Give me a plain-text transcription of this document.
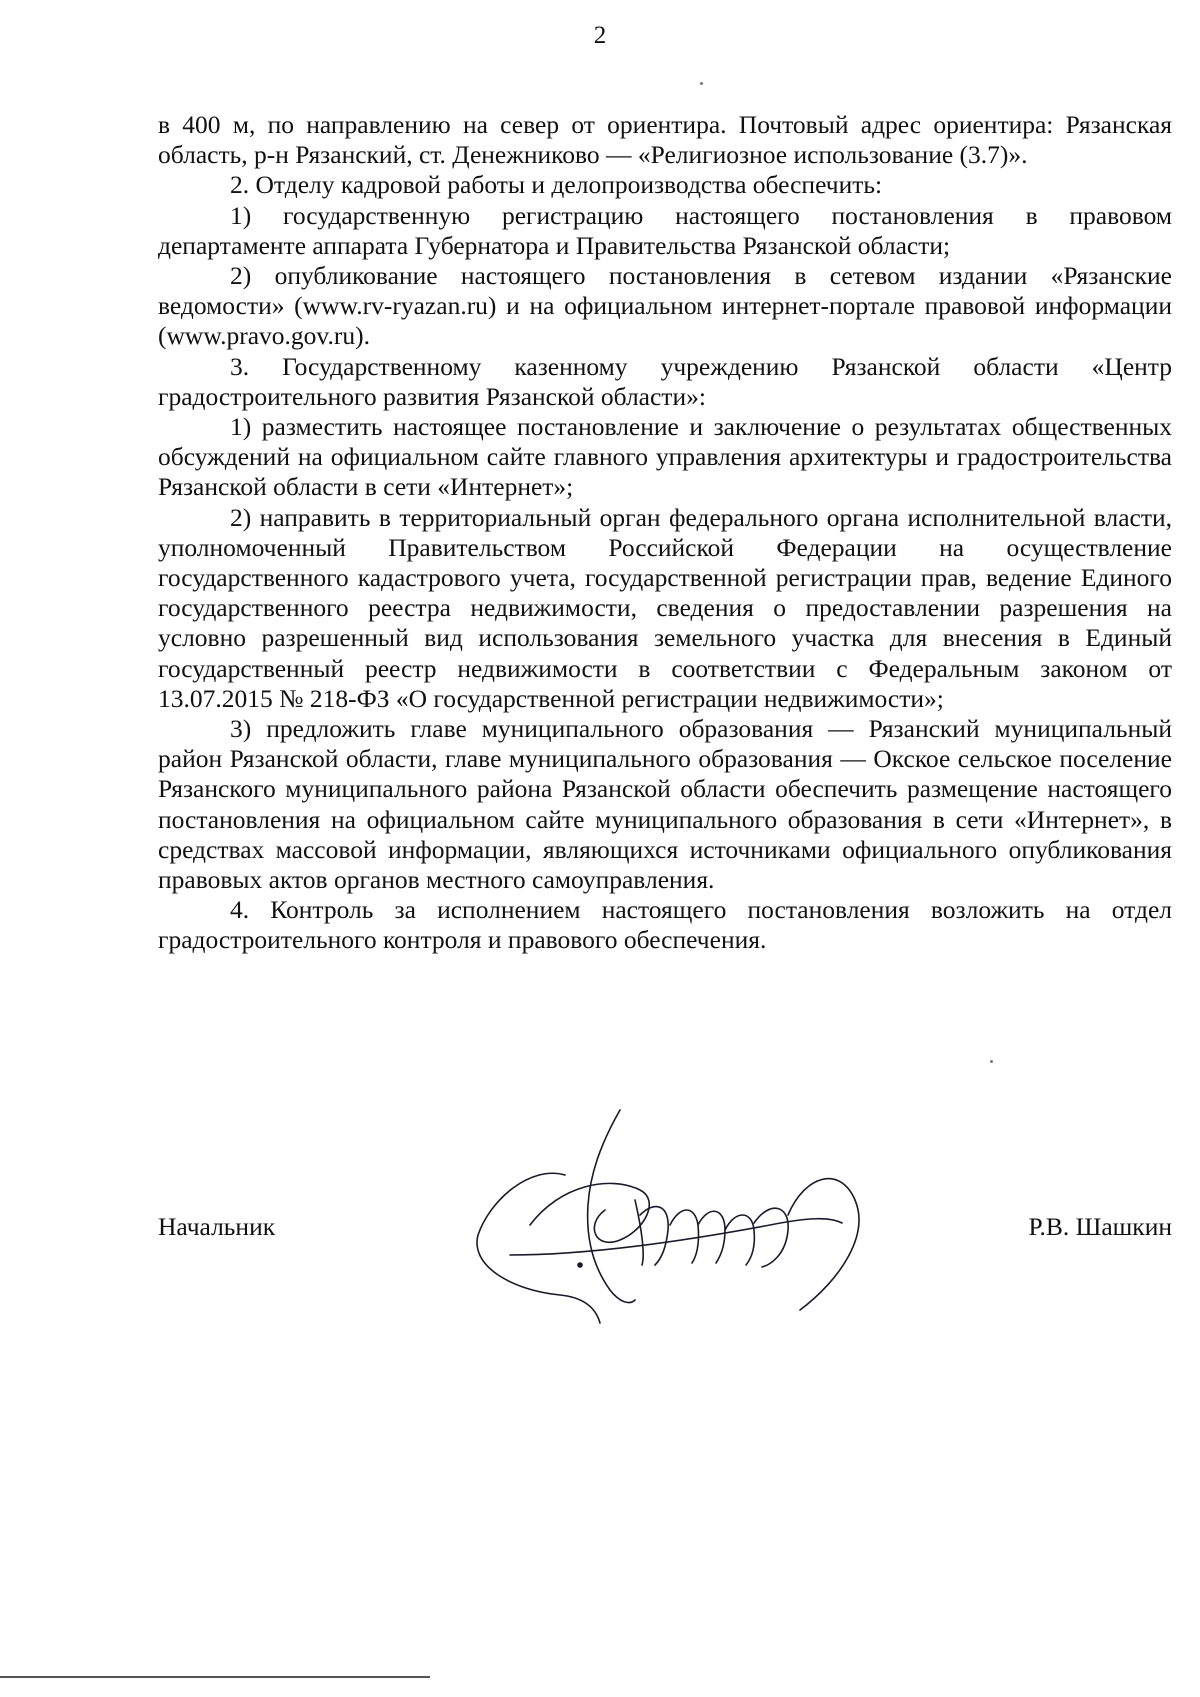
2

в 400 м, по направлению на север от ориентира. Почтовый адрес ориентира: Рязанская область, р-н Рязанский, ст. Денежниково — «Религиозное использование (3.7)».

2. Отделу кадровой работы и делопроизводства обеспечить:

1) государственную регистрацию настоящего постановления в правовом департаменте аппарата Губернатора и Правительства Рязанской области;

2) опубликование настоящего постановления в сетевом издании «Рязанские ведомости» (www.rv-ryazan.ru) и на официальном интернет-портале правовой информации (www.pravo.gov.ru).

3. Государственному казенному учреждению Рязанской области «Центр градостроительного развития Рязанской области»:

1) разместить настоящее постановление и заключение о результатах общественных обсуждений на официальном сайте главного управления архитектуры и градостроительства Рязанской области в сети «Интернет»;

2) направить в территориальный орган федерального органа исполнительной власти, уполномоченный Правительством Российской Федерации на осуществление государственного кадастрового учета, государственной регистрации прав, ведение Единого государственного реестра недвижимости, сведения о предоставлении разрешения на условно разрешенный вид использования земельного участка для внесения в Единый государственный реестр недвижимости в соответствии с Федеральным законом от 13.07.2015 № 218-ФЗ «О государственной регистрации недвижимости»;

3) предложить главе муниципального образования — Рязанский муниципальный район Рязанской области, главе муниципального образования — Окское сельское поселение Рязанского муниципального района Рязанской области обеспечить размещение настоящего постановления на официальном сайте муниципального образования в сети «Интернет», в средствах массовой информации, являющихся источниками официального опубликования правовых актов органов местного самоуправления.

4. Контроль за исполнением настоящего постановления возложить на отдел градостроительного контроля и правового обеспечения.

Начальник	Р.В. Шашкин
